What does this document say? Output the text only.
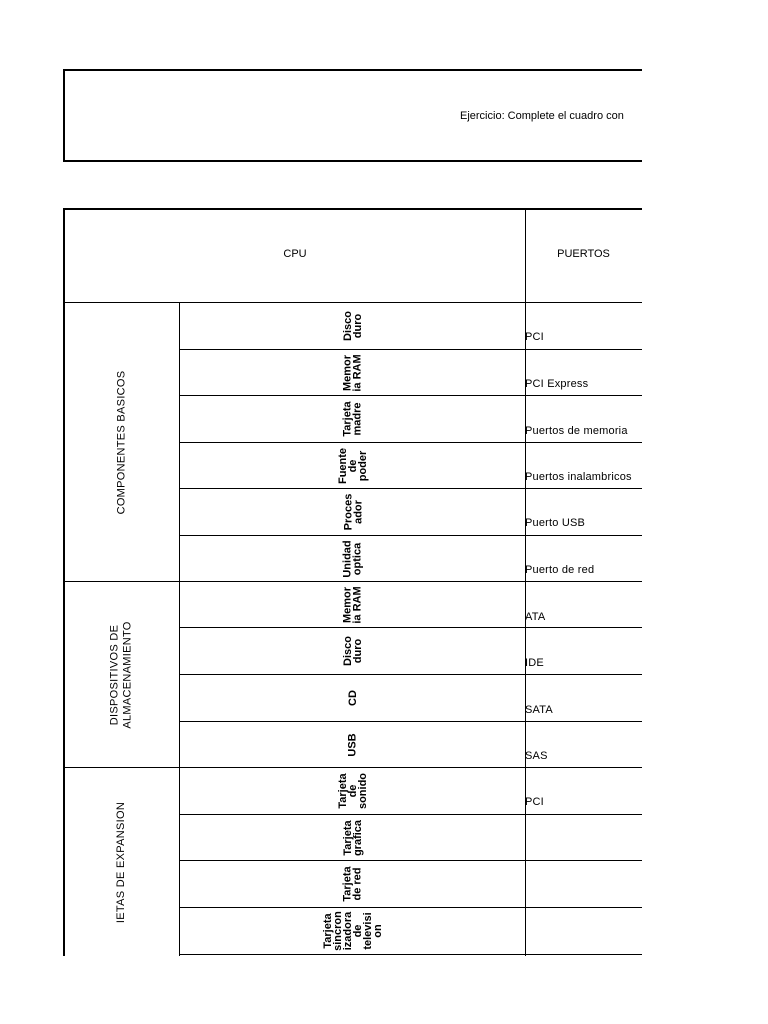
Ejercicio: Complete el cuadro con
CPU	PUERTOS
COMPONENTES BASICOS
DISPOSITIVOS DE
ALMACENAMIENTO
IETAS DE EXPANSION
Disco
duro
Memor
ia RAM
Tarjeta
madre
Fuente
de
poder
Proces
ador
Unidad
optica
Memor
ia RAM
Disco
duro
CD
USB
Tarjeta
de
sonido
Tarjeta
grafica
Tarjeta
de red
Tarjeta
sincron
izadora
de
televisi
on
PCI
PCI Express
Puertos de memoria
Puertos inalambricos
Puerto USB
Puerto de red
ATA
IDE
SATA
SAS
PCI
